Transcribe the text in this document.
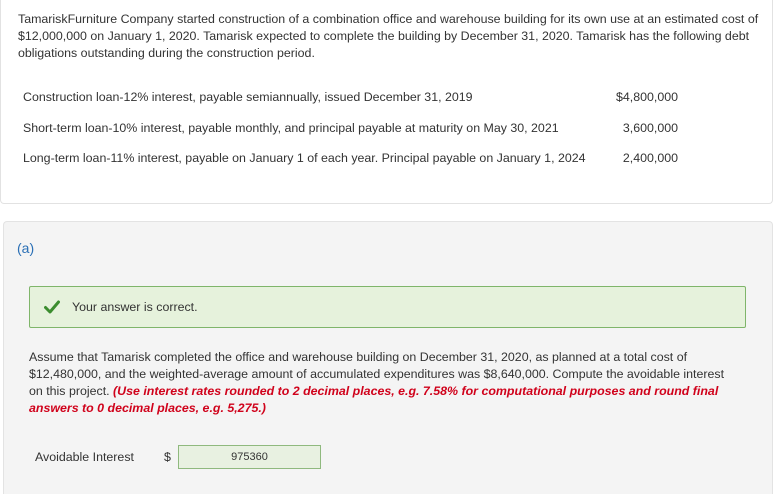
TamariskFurniture Company started construction of a combination office and warehouse building for its own use at an estimated cost of $12,000,000 on January 1, 2020. Tamarisk expected to complete the building by December 31, 2020. Tamarisk has the following debt obligations outstanding during the construction period.
Construction loan-12% interest, payable semiannually, issued December 31, 2019	$4,800,000
Short-term loan-10% interest, payable monthly, and principal payable at maturity on May 30, 2021	3,600,000
Long-term loan-11% interest, payable on January 1 of each year. Principal payable on January 1, 2024	2,400,000
(a)
Your answer is correct.
Assume that Tamarisk completed the office and warehouse building on December 31, 2020, as planned at a total cost of $12,480,000, and the weighted-average amount of accumulated expenditures was $8,640,000. Compute the avoidable interest on this project. (Use interest rates rounded to 2 decimal places, e.g. 7.58% for computational purposes and round final answers to 0 decimal places, e.g. 5,275.)
Avoidable Interest $	975360
